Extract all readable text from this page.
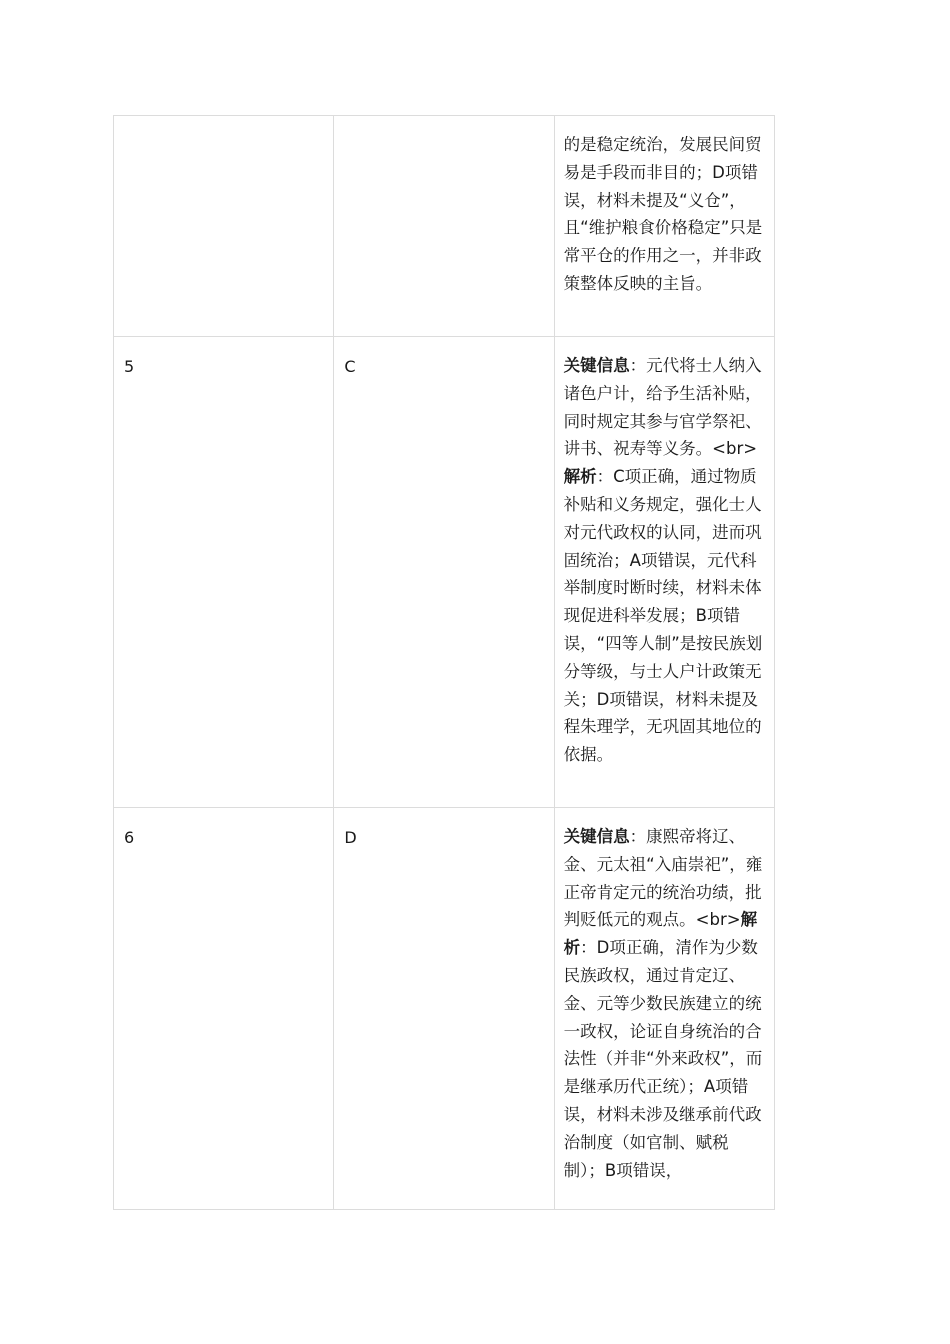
		的是稳定统治，发展民间贸易是手段而非目的；D项错误，材料未提及“义仓”，且“维护粮食价格稳定”只是常平仓的作用之一，并非政策整体反映的主旨。

5	C	关键信息：元代将士人纳入诸色户计，给予生活补贴，同时规定其参与官学祭祀、讲书、祝寿等义务。<br>解析：C项正确，通过物质补贴和义务规定，强化士人对元代政权的认同，进而巩固统治；A项错误，元代科举制度时断时续，材料未体现促进科举发展；B项错误，“四等人制”是按民族划分等级，与士人户计政策无关；D项错误，材料未提及程朱理学，无巩固其地位的依据。

6	D	关键信息：康熙帝将辽、金、元太祖“入庙崇祀”，雍正帝肯定元的统治功绩，批判贬低元的观点。<br>解析：D项正确，清作为少数民族政权，通过肯定辽、金、元等少数民族建立的统一政权，论证自身统治的合法性（并非“外来政权”，而是继承历代正统）；A项错误，材料未涉及继承前代政治制度（如官制、赋税制）；B项错误，
